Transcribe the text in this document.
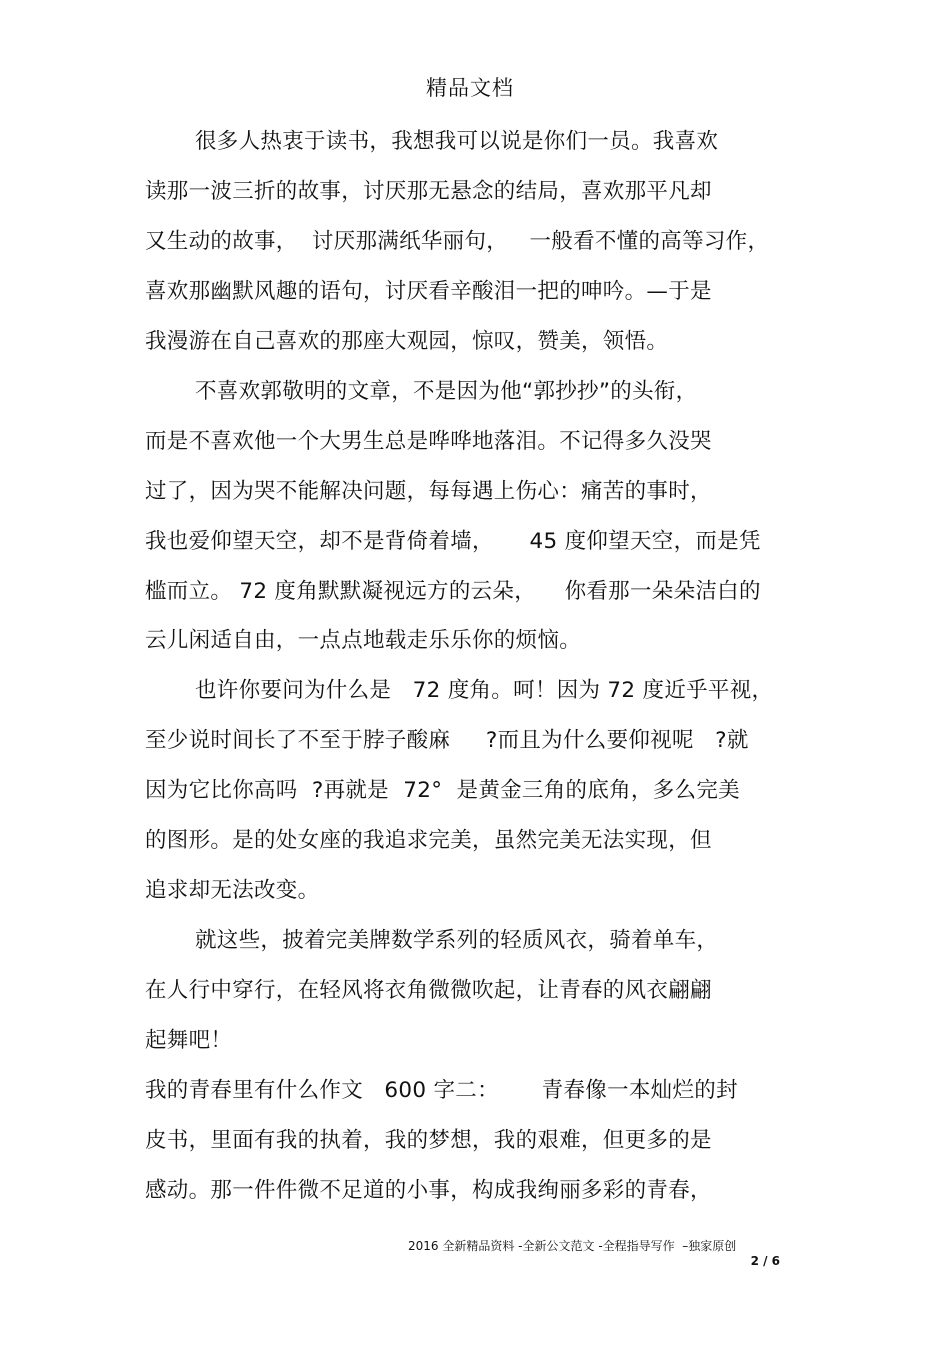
精品文档
很多人热衷于读书，我想我可以说是你们一员。我喜欢
读那一波三折的故事，讨厌那无悬念的结局，喜欢那平凡却
又生动的故事，  讨厌那满纸华丽句，   一般看不懂的高等习作，
喜欢那幽默风趣的语句，讨厌看辛酸泪一把的呻吟。—于是
我漫游在自己喜欢的那座大观园，惊叹，赞美，领悟。
不喜欢郭敬明的文章，不是因为他“郭抄抄”的头衔，
而是不喜欢他一个大男生总是哗哗地落泪。不记得多久没哭
过了，因为哭不能解决问题，每每遇上伤心：痛苦的事时，
我也爱仰望天空，却不是背倚着墙，     45 度仰望天空，而是凭
槛而立。 72 度角默默凝视远方的云朵，    你看那一朵朵洁白的
云儿闲适自由，一点点地载走乐乐你的烦恼。
也许你要问为什么是   72 度角。呵！因为 72 度近乎平视，
至少说时间长了不至于脖子酸麻     ?而且为什么要仰视呢   ?就
因为它比你高吗  ?再就是  72°  是黄金三角的底角，多么完美
的图形。是的处女座的我追求完美，虽然完美无法实现，但
追求却无法改变。
就这些，披着完美牌数学系列的轻质风衣，骑着单车，
在人行中穿行，在轻风将衣角微微吹起，让青春的风衣翩翩
起舞吧！
我的青春里有什么作文   600 字二：      青春像一本灿烂的封
皮书，里面有我的执着，我的梦想，我的艰难，但更多的是
感动。那一件件微不足道的小事，构成我绚丽多彩的青春，
2016 全新精品资料 -全新公文范文 -全程指导写作  –独家原创
2 / 6
